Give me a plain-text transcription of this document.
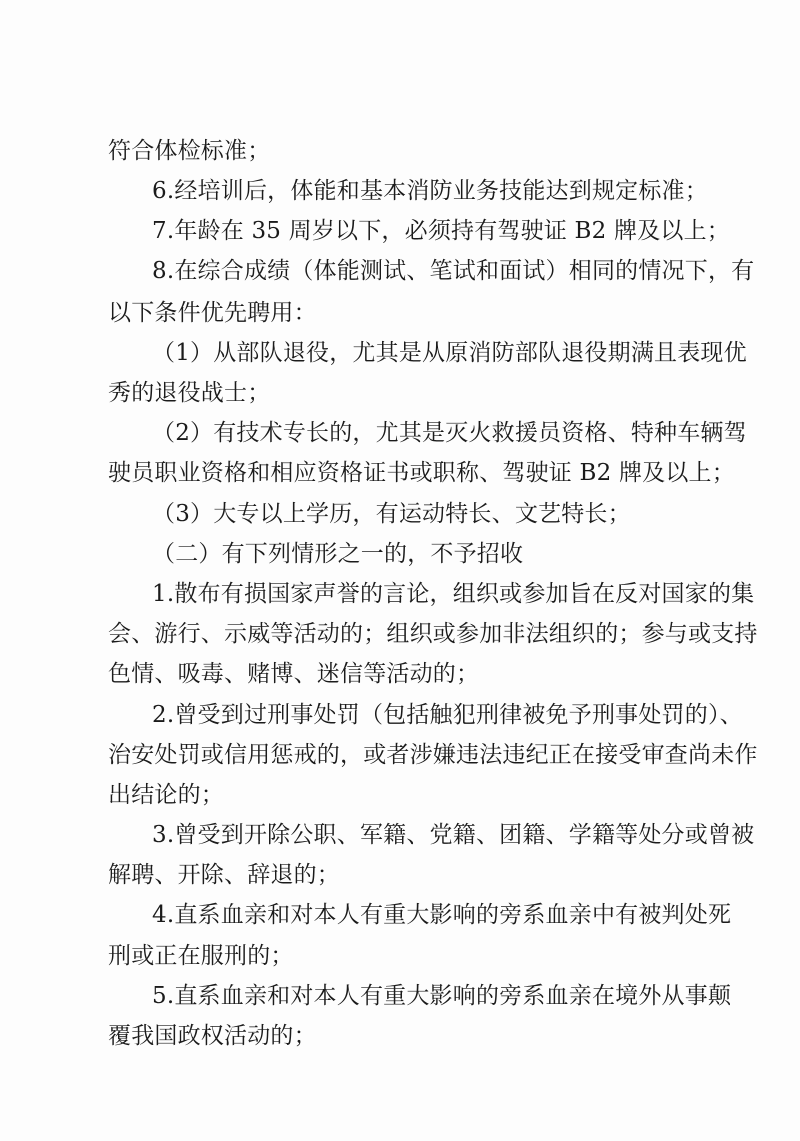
符合体检标准；
6.经培训后，体能和基本消防业务技能达到规定标准；
7.年龄在 35 周岁以下，必须持有驾驶证 B2 牌及以上；
8.在综合成绩（体能测试、笔试和面试）相同的情况下，有
以下条件优先聘用：
（1）从部队退役，尤其是从原消防部队退役期满且表现优
秀的退役战士；
（2）有技术专长的，尤其是灭火救援员资格、特种车辆驾
驶员职业资格和相应资格证书或职称、驾驶证 B2 牌及以上；
（3）大专以上学历，有运动特长、文艺特长；
（二）有下列情形之一的，不予招收
1.散布有损国家声誉的言论，组织或参加旨在反对国家的集
会、游行、示威等活动的；组织或参加非法组织的；参与或支持
色情、吸毒、赌博、迷信等活动的；
2.曾受到过刑事处罚（包括触犯刑律被免予刑事处罚的）、
治安处罚或信用惩戒的，或者涉嫌违法违纪正在接受审查尚未作
出结论的；
3.曾受到开除公职、军籍、党籍、团籍、学籍等处分或曾被
解聘、开除、辞退的；
4.直系血亲和对本人有重大影响的旁系血亲中有被判处死
刑或正在服刑的；
5.直系血亲和对本人有重大影响的旁系血亲在境外从事颠
覆我国政权活动的；
